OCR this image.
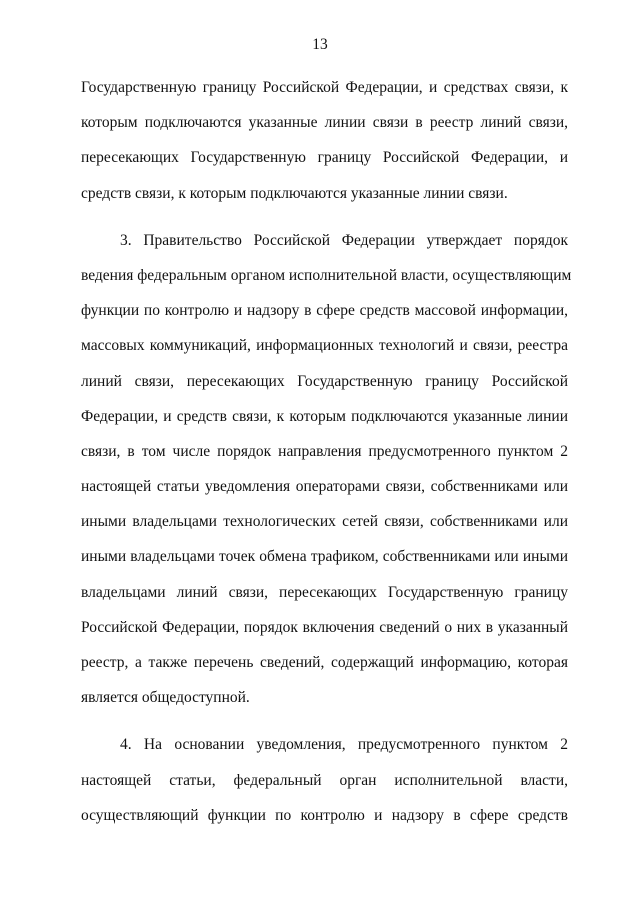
13
Государственную границу Российской Федерации, и средствах связи, к
которым подключаются указанные линии связи в реестр линий связи,
пересекающих Государственную границу Российской Федерации, и
средств связи, к которым подключаются указанные линии связи.
3. Правительство Российской Федерации утверждает порядок
ведения федеральным органом исполнительной власти, осуществляющим
функции по контролю и надзору в сфере средств массовой информации,
массовых коммуникаций, информационных технологий и связи, реестра
линий связи, пересекающих Государственную границу Российской
Федерации, и средств связи, к которым подключаются указанные линии
связи, в том числе порядок направления предусмотренного пунктом 2
настоящей статьи уведомления операторами связи, собственниками или
иными владельцами технологических сетей связи, собственниками или
иными владельцами точек обмена трафиком, собственниками или иными
владельцами линий связи, пересекающих Государственную границу
Российской Федерации, порядок включения сведений о них в указанный
реестр, а также перечень сведений, содержащий информацию, которая
является общедоступной.
4. На основании уведомления, предусмотренного пунктом 2
настоящей статьи, федеральный орган исполнительной власти,
осуществляющий функции по контролю и надзору в сфере средств
